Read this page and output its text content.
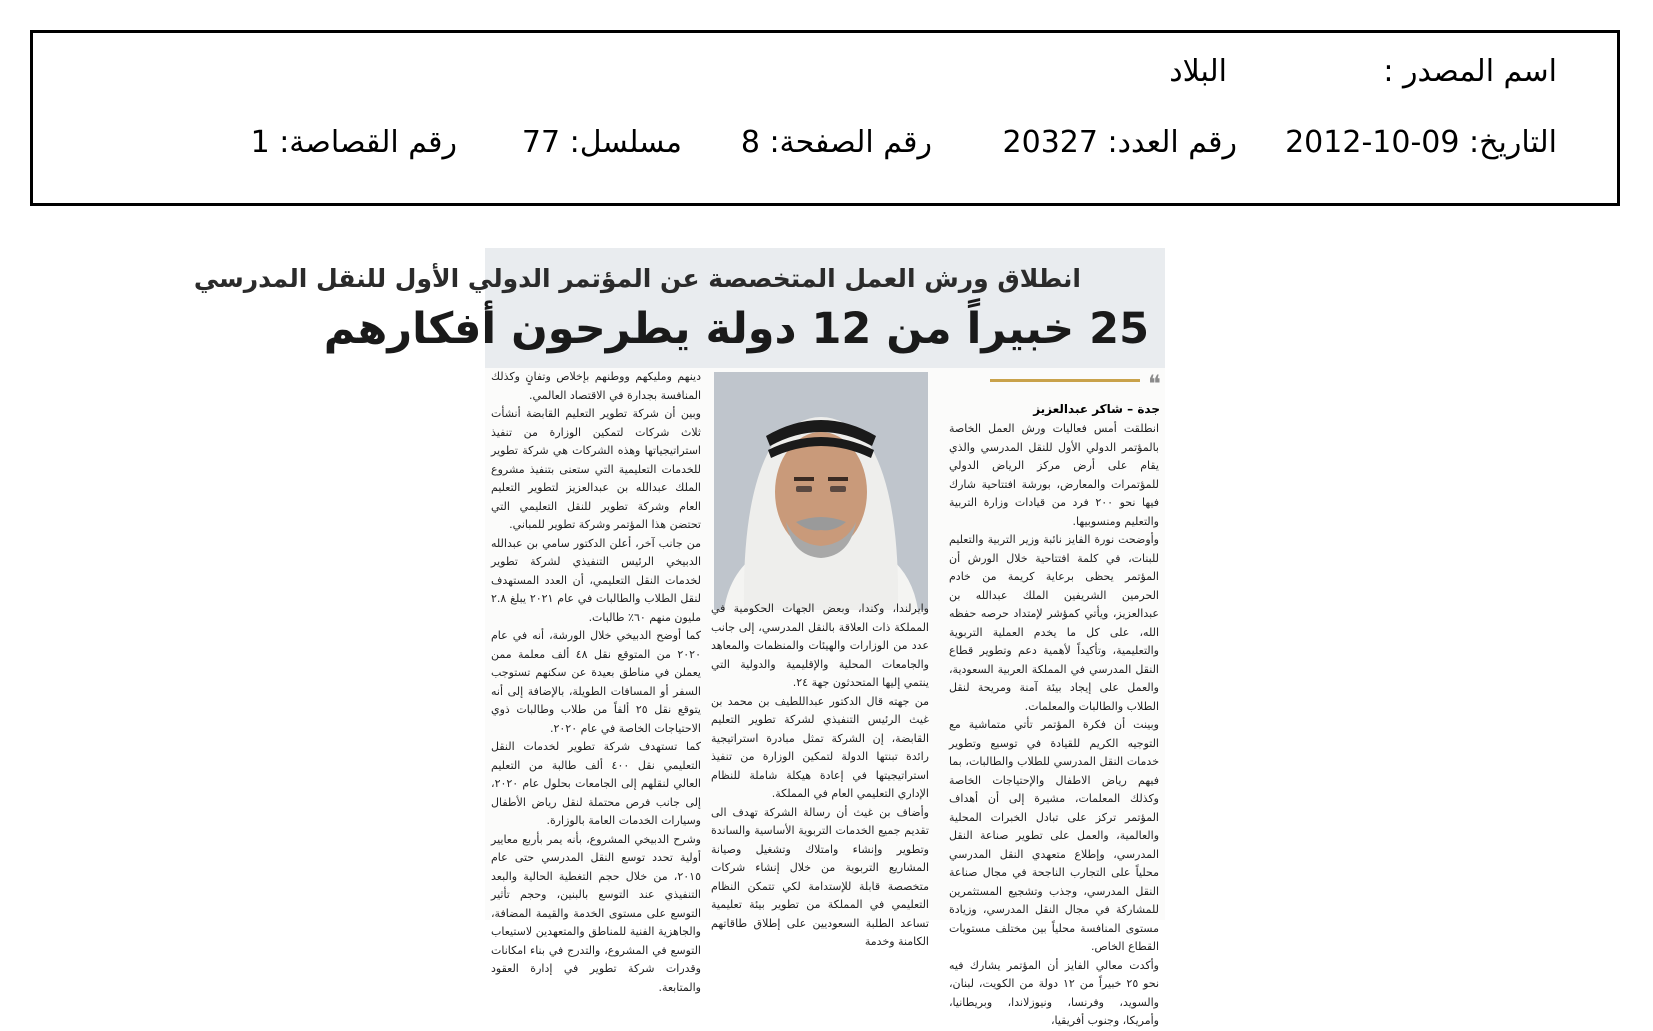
اسم المصدر :
البلاد
التاريخ: 09-10-2012
رقم العدد: 20327
رقم الصفحة: 8
مسلسل: 77
رقم القصاصة: 1
انطلاق ورش العمل المتخصصة عن المؤتمر الدولي الأول للنقل المدرسي
25 خبيراً من 12 دولة يطرحون أفكارهم
❝
جدة – شاكر عبدالعزيز

انطلقت أمس فعاليات ورش العمل الخاصة بالمؤتمر الدولي الأول للنقل المدرسي والذي يقام على أرض مركز الرياض الدولي للمؤتمرات والمعارض، بورشة افتتاحية شارك فيها نحو ٢٠٠ فرد من قيادات وزارة التربية والتعليم ومنسوبيها.

وأوضحت نورة الفايز نائبة وزير التربية والتعليم للبنات، في كلمة افتتاحية خلال الورش أن المؤتمر يحظى برعاية كريمة من خادم الحرمين الشريفين الملك عبدالله بن عبدالعزيز، ويأتي كمؤشر لإمتداد حرصه حفظه الله، على كل ما يخدم العملية التربوية والتعليمية، وتأكيداً لأهمية دعم وتطوير قطاع النقل المدرسي في المملكة العربية السعودية، والعمل على إيجاد بيئة آمنة ومريحة لنقل الطلاب والطالبات والمعلمات.

وبينت أن فكرة المؤتمر تأتي متماشية مع التوجيه الكريم للقيادة في توسيع وتطوير خدمات النقل المدرسي للطلاب والطالبات، بما فيهم رياض الاطفال والإحتياجات الخاصة وكذلك المعلمات، مشيرة إلى أن أهداف المؤتمر تركز على تبادل الخبرات المحلية والعالمية، والعمل على تطوير صناعة النقل المدرسي، وإطلاع متعهدي النقل المدرسي محلياً على التجارب الناجحة في مجال صناعة النقل المدرسي، وجذب وتشجيع المستثمرين للمشاركة في مجال النقل المدرسي، وزيادة مستوى المنافسة محلياً بين مختلف مستويات القطاع الخاص.

وأكدت معالي الفايز أن المؤتمر يشارك فيه نحو ٢٥ خبيراً من ١٢ دولة من الكويت، لبنان، والسويد، وفرنسا، ونيوزلاندا، وبريطانيا، وأمريكا، وجنوب أفريقيا،

وايرلندا، وكندا، وبعض الجهات الحكومية في المملكة ذات العلاقة بالنقل المدرسي، إلى جانب عدد من الوزارات والهيئات والمنظمات والمعاهد والجامعات المحلية والإقليمية والدولية التي ينتمي إليها المتحدثون جهة ٢٤.

من جهته قال الدكتور عبداللطيف بن محمد بن غيث الرئيس التنفيذي لشركة تطوير التعليم القابضة، إن الشركة تمثل مبادرة استراتيجية رائدة تبنتها الدولة لتمكين الوزارة من تنفيذ استراتيجيتها في إعادة هيكلة شاملة للنظام الإداري التعليمي العام في المملكة.

وأضاف بن غيث أن رسالة الشركة تهدف الى تقديم جميع الخدمات التربوية الأساسية والساندة وتطوير وإنشاء وامتلاك وتشغيل وصيانة المشاريع التربوية من خلال إنشاء شركات متخصصة قابلة للإستدامة لكي تتمكن النظام التعليمي في المملكة من تطوير بيئة تعليمية تساعد الطلبة السعوديين على إطلاق طاقاتهم الكامنة وخدمة

دينهم ومليكهم ووطنهم بإخلاص وتفانٍ وكذلك المنافسة بجدارة في الاقتصاد العالمي.

وبين أن شركة تطوير التعليم القابضة أنشأت ثلاث شركات لتمكين الوزارة من تنفيذ استراتيجياتها وهذه الشركات هي شركة تطوير للخدمات التعليمية التي ستعنى بتنفيذ مشروع الملك عبدالله بن عبدالعزيز لتطوير التعليم العام وشركة تطوير للنقل التعليمي التي تحتضن هذا المؤتمر وشركة تطوير للمباني.

من جانب آخر، أعلن الدكتور سامي بن عبدالله الدبيخي الرئيس التنفيذي لشركة تطوير لخدمات النقل التعليمي، أن العدد المستهدف لنقل الطلاب والطالبات في عام ٢٠٢١ يبلغ ٢.٨ مليون منهم ٦٠٪ طالبات.

كما أوضح الدبيخي خلال الورشة، أنه في عام ٢٠٢٠ من المتوقع نقل ٤٨ ألف معلمة ممن يعملن في مناطق بعيدة عن سكنهم تستوجب السفر أو المسافات الطويلة، بالإضافة إلى أنه يتوقع نقل ٢٥ ألفاً من طلاب وطالبات ذوي الاحتياجات الخاصة في عام ٢٠٢٠.

كما تستهدف شركة تطوير لخدمات النقل التعليمي نقل ٤٠٠ ألف طالبة من التعليم العالي لنقلهم إلى الجامعات بحلول عام ٢٠٢٠، إلى جانب فرص محتملة لنقل رياض الأطفال وسيارات الخدمات العامة بالوزارة.

وشرح الدبيخي المشروع، بأنه يمر بأربع معايير أولية تحدد توسع النقل المدرسي حتى عام ٢٠١٥، من خلال حجم التغطية الحالية والبعد التنفيذي عند التوسع بالبنين، وحجم تأثير التوسع على مستوى الخدمة والقيمة المضافة، والجاهزية الفنية للمناطق والمتعهدين لاستيعاب التوسع في المشروع، والتدرج في بناء امكانات وقدرات شركة تطوير في إدارة العقود والمتابعة.
